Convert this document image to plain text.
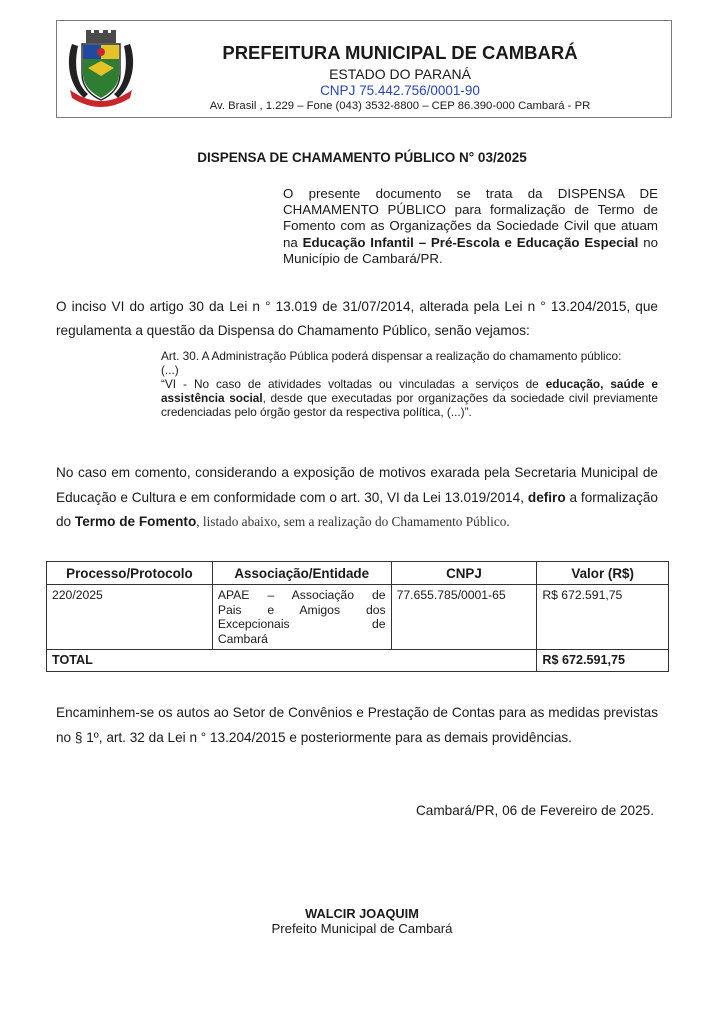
PREFEITURA MUNICIPAL DE CAMBARÁ
ESTADO DO PARANÁ
CNPJ 75.442.756/0001-90
Av. Brasil , 1.229 – Fone (043) 3532-8800 – CEP 86.390-000 Cambará - PR
DISPENSA DE CHAMAMENTO PÚBLICO N° 03/2025
O presente documento se trata da DISPENSA DE CHAMAMENTO PÚBLICO para formalização de Termo de Fomento com as Organizações da Sociedade Civil que atuam na Educação Infantil – Pré-Escola e Educação Especial no Município de Cambará/PR.
O inciso VI do artigo 30 da Lei n ° 13.019 de 31/07/2014, alterada pela Lei n ° 13.204/2015, que regulamenta a questão da Dispensa do Chamamento Público, senão vejamos:
Art. 30. A Administração Pública poderá dispensar a realização do chamamento público:
(...)
“VI - No caso de atividades voltadas ou vinculadas a serviços de educação, saúde e assistência social, desde que executadas por organizações da sociedade civil previamente credenciadas pelo órgão gestor da respectiva política, (...)”.
No caso em comento, considerando a exposição de motivos exarada pela Secretaria Municipal de Educação e Cultura e em conformidade com o art. 30, VI da Lei 13.019/2014, defiro a formalização do Termo de Fomento, listado abaixo, sem a realização do Chamamento Público.
Processo/Protocolo	Associação/Entidade	CNPJ	Valor (R$)
220/2025	APAE – Associação de
Pais e Amigos dos
Excepcionais de
Cambará	77.655.785/0001-65	R$ 672.591,75
TOTAL			R$ 672.591,75
Encaminhem-se os autos ao Setor de Convênios e Prestação de Contas para as medidas previstas no § 1º, art. 32 da Lei n ° 13.204/2015 e posteriormente para as demais providências.
Cambará/PR, 06 de Fevereiro de 2025.
WALCIR JOAQUIM
Prefeito Municipal de Cambará
